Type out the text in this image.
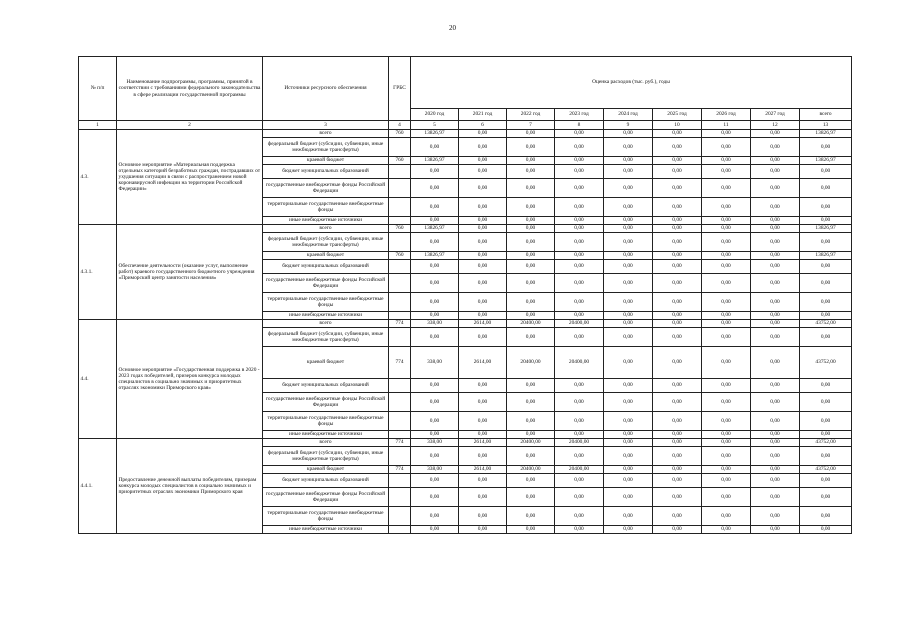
20
№ п/п	Наименование подпрограммы, программы, принятой в соответствии с требованиями федерального законодательства в сфере реализации государственной программы	Источники ресурсного обеспечения	ГРБС	Оценка расходов (тыс. руб.), годы								
				2020 год	2021 год	2022 год	2023 год	2024 год	2025 год	2026 год	2027 год	всего
1	2	3	4	5	6	7	8	9	10	11	12	13
4.3.	Основное мероприятие «Материальная поддержка отдельных категорий безработных граждан, пострадавших от ухудшения ситуации в связи с распространением новой коронавирусной инфекции на территории Российской Федерации»	всего	760	13826,97	0,00	0,00	0,00	0,00	0,00	0,00	0,00	13826,97
		федеральный бюджет (субсидии, субвенции, иные межбюджетные трансферты)		0,00	0,00	0,00	0,00	0,00	0,00	0,00	0,00	0,00
		краевой бюджет	760	13826,97	0,00	0,00	0,00	0,00	0,00	0,00	0,00	13826,97
		бюджет муниципальных образований		0,00	0,00	0,00	0,00	0,00	0,00	0,00	0,00	0,00
		государственные внебюджетные фонды Российской Федерации		0,00	0,00	0,00	0,00	0,00	0,00	0,00	0,00	0,00
		территориальные государственные внебюджетные фонды		0,00	0,00	0,00	0,00	0,00	0,00	0,00	0,00	0,00
		иные внебюджетные источники		0,00	0,00	0,00	0,00	0,00	0,00	0,00	0,00	0,00
4.3.1.	Обеспечение деятельности (оказание услуг, выполнение работ) краевого государственного бюджетного учреждения «Приморский центр занятости населения»	всего	760	13826,97	0,00	0,00	0,00	0,00	0,00	0,00	0,00	13826,97
		федеральный бюджет (субсидии, субвенции, иные межбюджетные трансферты)		0,00	0,00	0,00	0,00	0,00	0,00	0,00	0,00	0,00
		краевой бюджет	760	13826,97	0,00	0,00	0,00	0,00	0,00	0,00	0,00	13826,97
		бюджет муниципальных образований		0,00	0,00	0,00	0,00	0,00	0,00	0,00	0,00	0,00
		государственные внебюджетные фонды Российской Федерации		0,00	0,00	0,00	0,00	0,00	0,00	0,00	0,00	0,00
		территориальные государственные внебюджетные фонды		0,00	0,00	0,00	0,00	0,00	0,00	0,00	0,00	0,00
		иные внебюджетные источники		0,00	0,00	0,00	0,00	0,00	0,00	0,00	0,00	0,00
4.4.	Основное мероприятие «Государственная поддержка в 2020 - 2023 годах победителей, призеров конкурса молодых специалистов в социально значимых и приоритетных отраслях экономики Приморского края»	всего	774	338,00	2614,00	20400,00	20400,00	0,00	0,00	0,00	0,00	43752,00
		федеральный бюджет (субсидии, субвенции, иные межбюджетные трансферты)		0,00	0,00	0,00	0,00	0,00	0,00	0,00	0,00	0,00
		краевой бюджет	774	338,00	2614,00	20400,00	20400,00	0,00	0,00	0,00	0,00	43752,00
		бюджет муниципальных образований		0,00	0,00	0,00	0,00	0,00	0,00	0,00	0,00	0,00
		государственные внебюджетные фонды Российской Федерации		0,00	0,00	0,00	0,00	0,00	0,00	0,00	0,00	0,00
		территориальные государственные внебюджетные фонды		0,00	0,00	0,00	0,00	0,00	0,00	0,00	0,00	0,00
		иные внебюджетные источники		0,00	0,00	0,00	0,00	0,00	0,00	0,00	0,00	0,00
4.4.1.	Предоставление денежной выплаты победителям, призерам конкурса молодых специалистов в социально значимых и приоритетных отраслях экономики Приморского края	всего	774	338,00	2614,00	20400,00	20400,00	0,00	0,00	0,00	0,00	43752,00
		федеральный бюджет (субсидии, субвенции, иные межбюджетные трансферты)		0,00	0,00	0,00	0,00	0,00	0,00	0,00	0,00	0,00
		краевой бюджет	774	338,00	2614,00	20400,00	20400,00	0,00	0,00	0,00	0,00	43752,00
		бюджет муниципальных образований		0,00	0,00	0,00	0,00	0,00	0,00	0,00	0,00	0,00
		государственные внебюджетные фонды Российской Федерации		0,00	0,00	0,00	0,00	0,00	0,00	0,00	0,00	0,00
		территориальные государственные внебюджетные фонды		0,00	0,00	0,00	0,00	0,00	0,00	0,00	0,00	0,00
		иные внебюджетные источники		0,00	0,00	0,00	0,00	0,00	0,00	0,00	0,00	0,00
